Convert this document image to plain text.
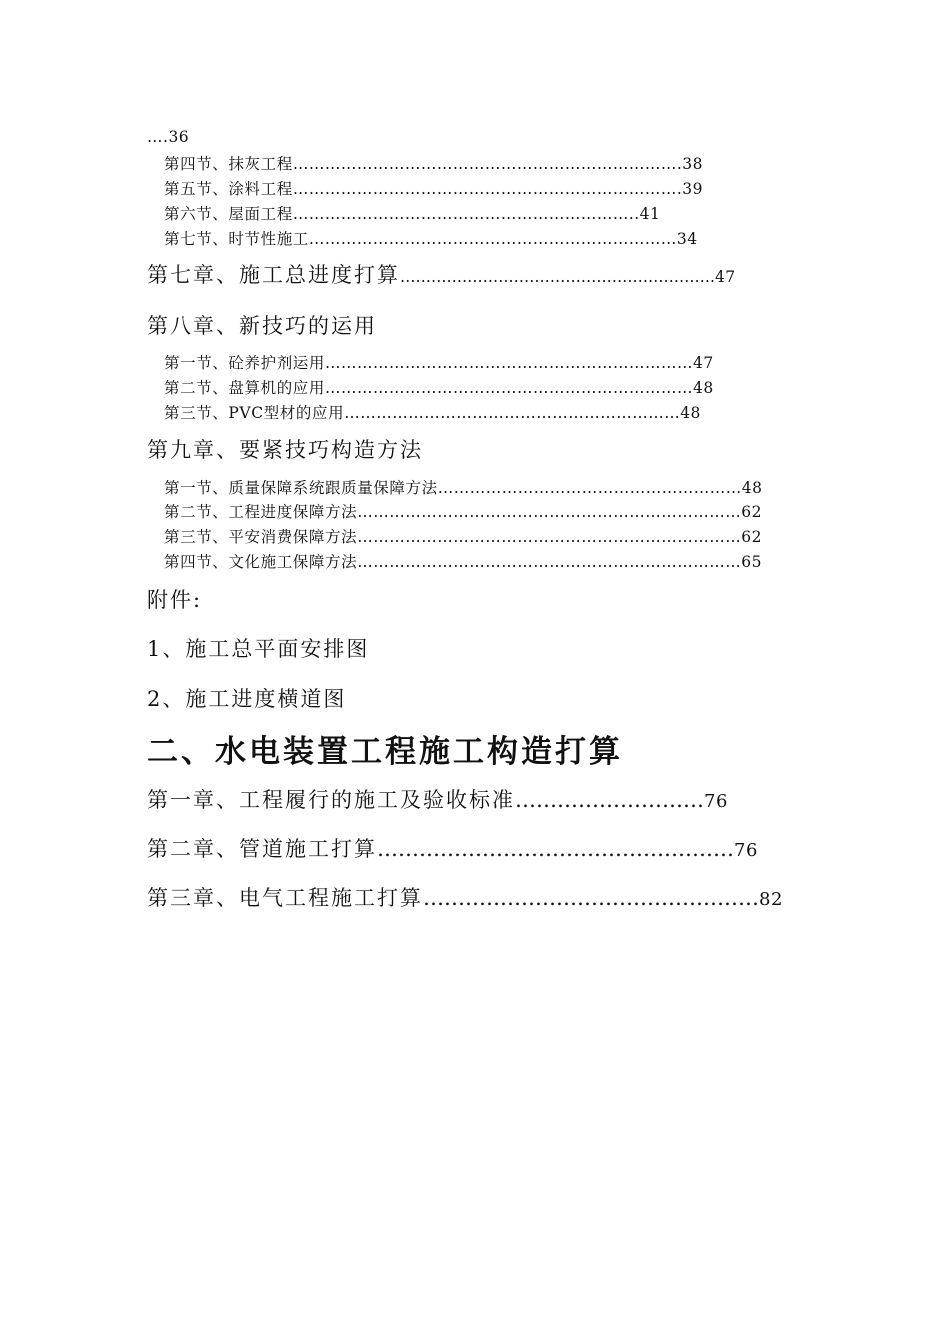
….36

第四节、抹灰工程……………………………………………………………….38

第五节、涂料工程……………………………………………………………….39

第六节、屋面工程………………………………………………………..41

第七节、时节性施工……………………………………………………………34

第七章、施工总进度打算…………………………………………………….47

第八章、新技巧的运用

第一节、砼养护剂运用……………………………………………………………47

第二节、盘算机的应用……………………………………………………………48

第三节、PVC型材的应用………………………………………………………48

第九章、要紧技巧构造方法

第一节、质量保障系统跟质量保障方法…………………………………………………48

第二节、工程进度保障方法………………………………………………………………62

第三节、平安消费保障方法………………………………………………………………62

第四节、文化施工保障方法………………………………………………………………65

附件:

1、施工总平面安排图

2、施工进度横道图

二、水电装置工程施工构造打算

第一章、工程履行的施工及验收标准………………………76

第二章、管道施工打算……………………………………………76

第三章、电气工程施工打算…………………………………………82
